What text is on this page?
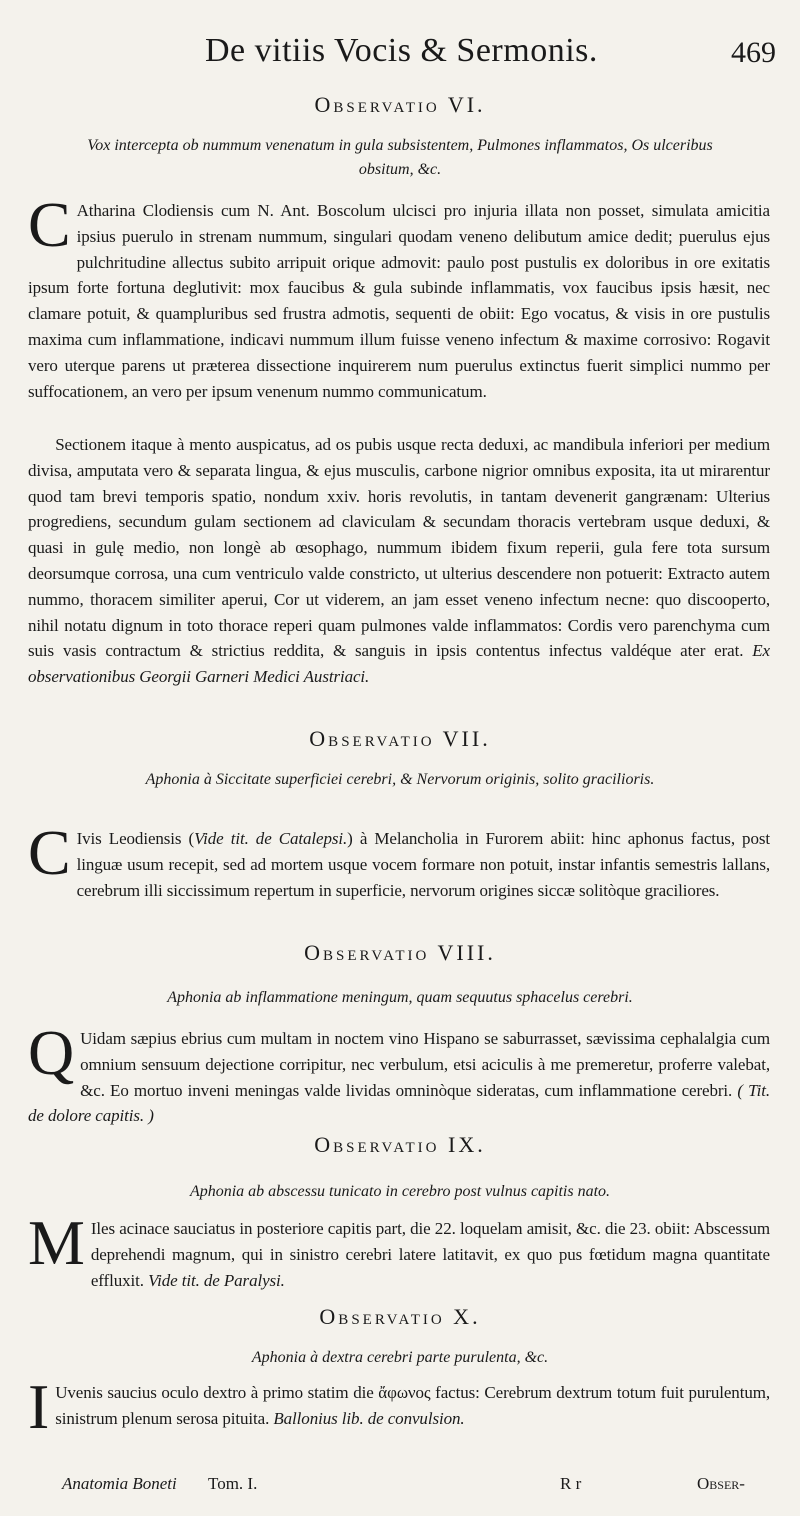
De vitiis Vocis & Sermonis.	469
Observatio VI.
Vox intercepta ob nummum venenatum in gula subsistentem, Pulmones inflammatos, Os ulceribus obsitum, &c.
C Atharina Clodiensis cum N. Ant. Boscolum ulcisci pro injuria illata non posset, simulata amicitia ipsius puerulo in strenam nummum, singulari quodam veneno delibutum amice dedit; puerulus ejus pulchritudine allectus subito arripuit orique admovit: paulo post pustulis ex doloribus in ore exitatis ipsum forte fortuna deglutivit: mox faucibus & gula subinde inflammatis, vox faucibus ipsis hæsit, nec clamare potuit, & quampluribus sed frustra admotis, sequenti de obiit: Ego vocatus, & visis in ore pustulis maxima cum inflammatione, indicavi nummum illum fuisse veneno infectum & maxime corrosivo: Rogavit vero uterque parens ut præterea dissectione inquirerem num puerulus extinctus fuerit simplici nummo per suffocationem, an vero per ipsum venenum nummo communicatum.
Sectionem itaque à mento auspicatus, ad os pubis usque recta deduxi, ac mandibula inferiori per medium divisa, amputata vero & separata lingua, & ejus musculis, carbone nigrior omnibus exposita, ita ut mirarentur quod tam brevi temporis spatio, nondum xxiv. horis revolutis, in tantam devenerit gangrænam: Ulterius progrediens, secundum gulam sectionem ad claviculam & secundam thoracis vertebram usque deduxi, & quasi in gulę medio, non longè ab œsophago, nummum ibidem fixum reperii, gula fere tota sursum deorsumque corrosa, una cum ventriculo valde constricto, ut ulterius descendere non potuerit: Extracto autem nummo, thoracem similiter aperui, Cor ut viderem, an jam esset veneno infectum necne: quo discooperto, nihil notatu dignum in toto thorace reperi quam pulmones valde inflammatos: Cordis vero parenchyma cum suis vasis contractum & strictius reddita, & sanguis in ipsis contentus infectus valdéque ater erat. Ex observationibus Georgii Garneri Medici Austriaci.
Observatio VII.
Aphonia à Siccitate superficiei cerebri, & Nervorum originis, solito gracilioris.
C Ivis Leodiensis (Vide tit. de Catalepsi.) à Melancholia in Furorem abiit: hinc aphonus factus, post linguæ usum recepit, sed ad mortem usque vocem formare non potuit, instar infantis semestris lallans, cerebrum illi siccissimum repertum in superficie, nervorum origines siccæ solitòque graciliores.
Observatio VIII.
Aphonia ab inflammatione meningum, quam sequutus sphacelus cerebri.
Q Uidam sæpius ebrius cum multam in noctem vino Hispano se saburrasset, sævissima cephalalgia cum omnium sensuum dejectione corripitur, nec verbulum, etsi aciculis à me premeretur, proferre valebat, &c. Eo mortuo inveni meningas valde lividas omninòque sideratas, cum inflammatione cerebri. ( Tit. de dolore capitis. )
Observatio IX.
Aphonia ab abscessu tunicato in cerebro post vulnus capitis nato.
M Iles acinace sauciatus in posteriore capitis part, die 22. loquelam amisit, &c. die 23. obiit: Abscessum deprehendi magnum, qui in sinistro cerebri latere latitavit, ex quo pus fœtidum magna quantitate effluxit. Vide tit. de Paralysi.
Observatio X.
Aphonia à dextra cerebri parte purulenta, &c.
I Uvenis saucius oculo dextro à primo statim die ἄφωνος factus: Cerebrum dextrum totum fuit purulentum, sinistrum plenum serosa pituita. Ballonius lib. de convulsion.
Anatomia Boneti Tom. I.	R r	Obser-
